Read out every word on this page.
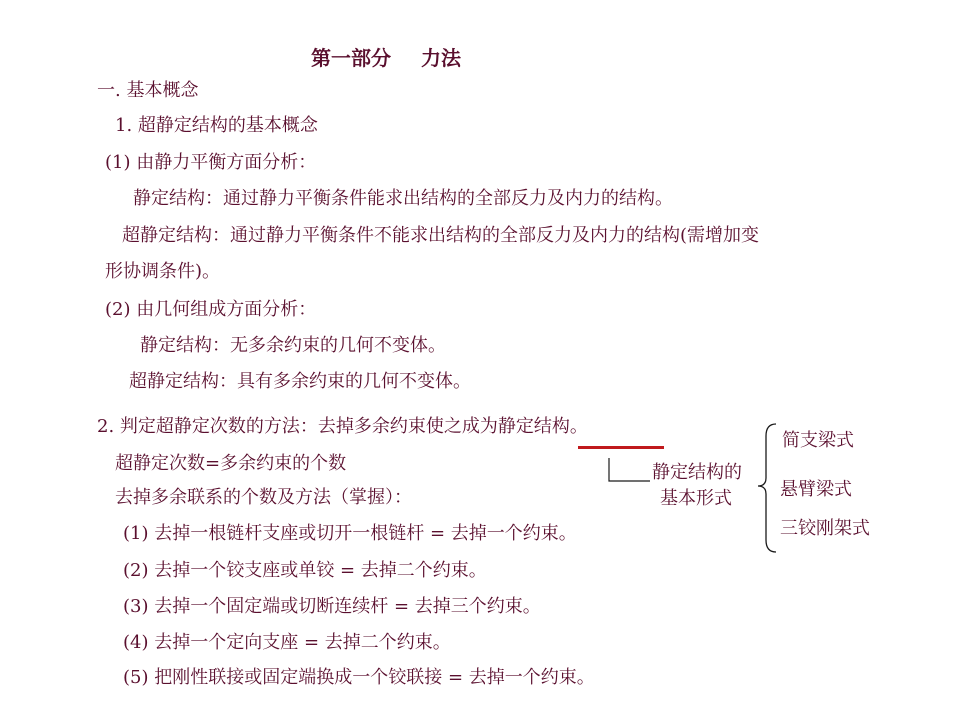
第一部分 力法
一. 基本概念
1. 超静定结构的基本概念
(1) 由静力平衡方面分析：
静定结构：通过静力平衡条件能求出结构的全部反力及内力的结构。
超静定结构：通过静力平衡条件不能求出结构的全部反力及内力的结构(需增加变
形协调条件)。
(2) 由几何组成方面分析：
静定结构：无多余约束的几何不变体。
超静定结构：具有多余约束的几何不变体。
2. 判定超静定次数的方法：去掉多余约束使之成为静定结构。
超静定次数=多余约束的个数
去掉多余联系的个数及方法（掌握）：
(1) 去掉一根链杆支座或切开一根链杆 = 去掉一个约束。
(2) 去掉一个铰支座或单铰 = 去掉二个约束。
(3) 去掉一个固定端或切断连续杆 = 去掉三个约束。
(4) 去掉一个定向支座 = 去掉二个约束。
(5) 把刚性联接或固定端换成一个铰联接 = 去掉一个约束。
静定结构的
基本形式
简支梁式
悬臂梁式
三铰刚架式
